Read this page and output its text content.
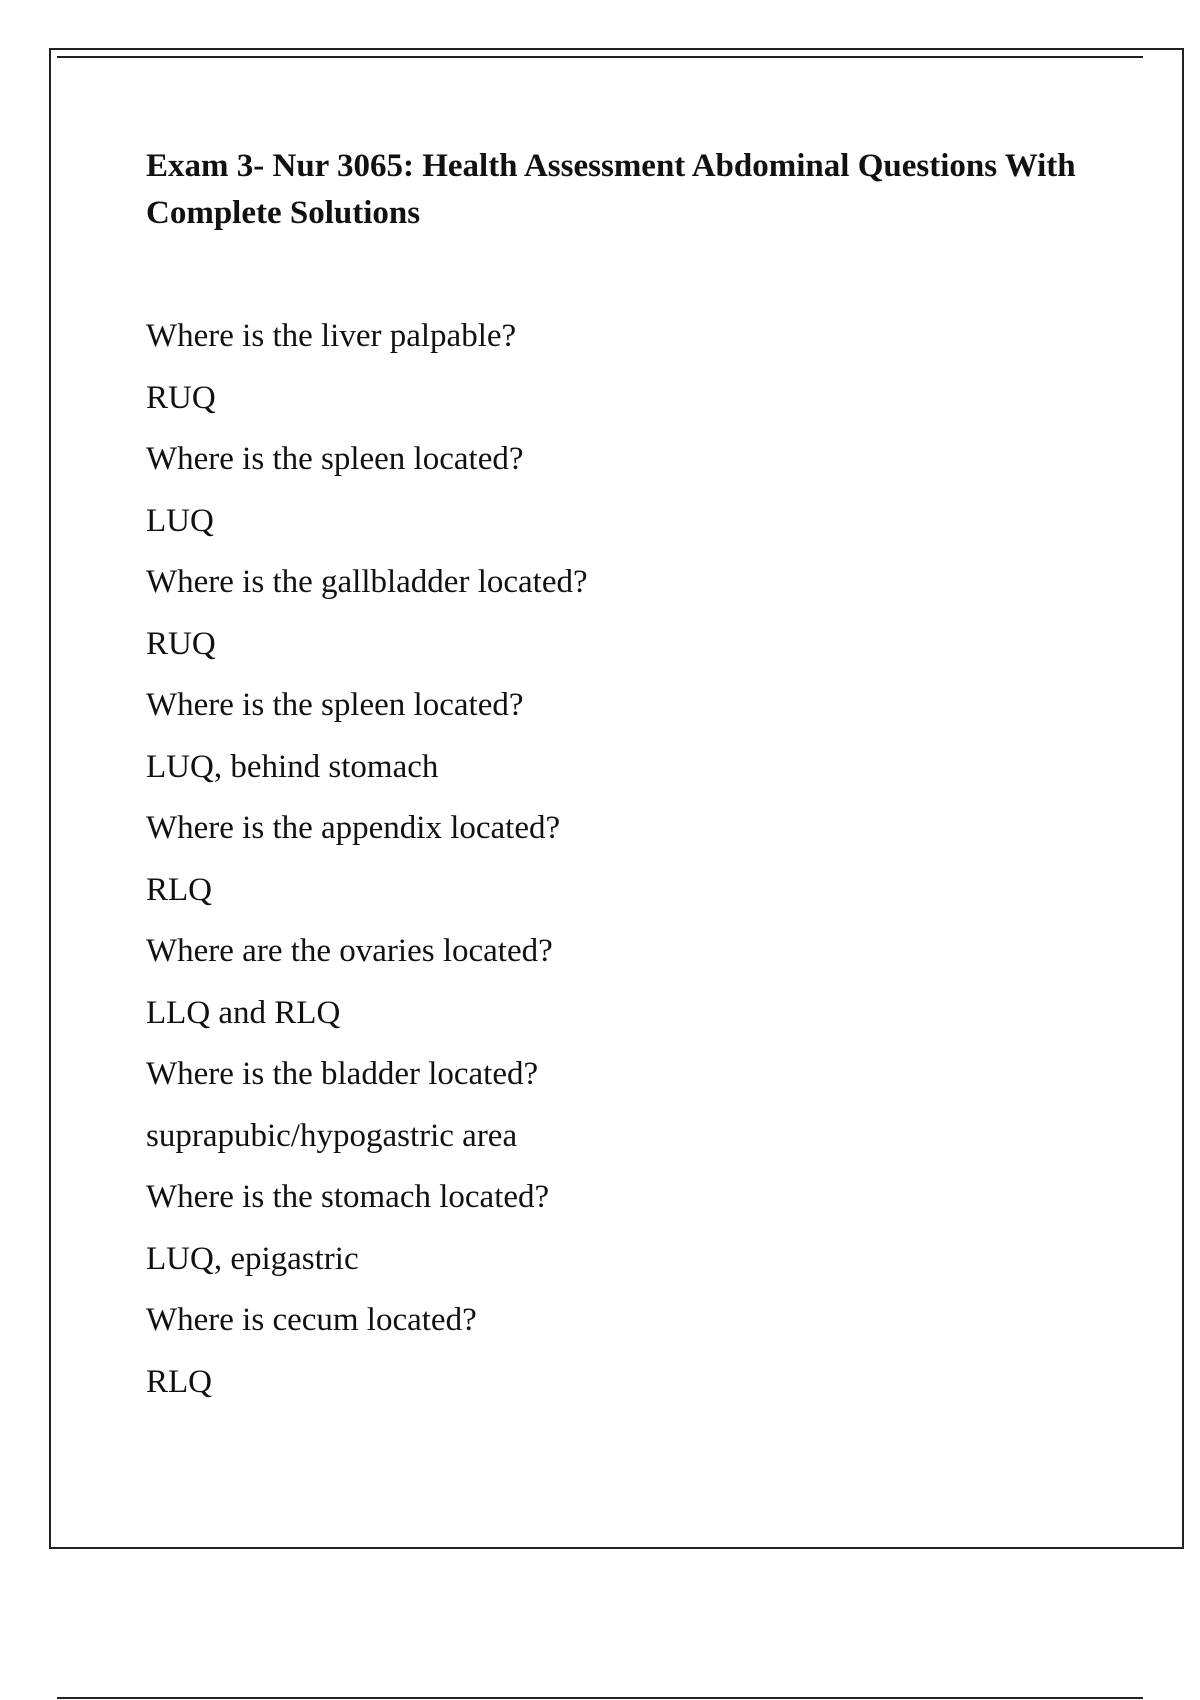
Exam 3- Nur 3065: Health Assessment Abdominal Questions With Complete Solutions
Where is the liver palpable?
RUQ
Where is the spleen located?
LUQ
Where is the gallbladder located?
RUQ
Where is the spleen located?
LUQ, behind stomach
Where is the appendix located?
RLQ
Where are the ovaries located?
LLQ and RLQ
Where is the bladder located?
suprapubic/hypogastric area
Where is the stomach located?
LUQ, epigastric
Where is cecum located?
RLQ
